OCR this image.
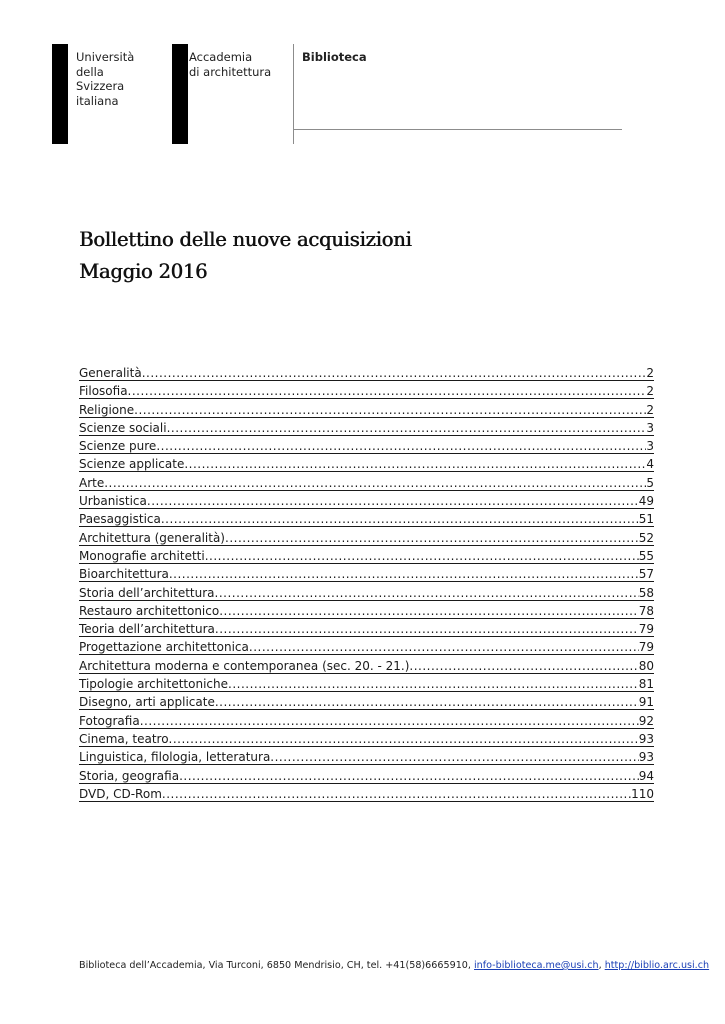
Università
della
Svizzera
italiana
Accademia
di architettura
Biblioteca
Bollettino delle nuove acquisizioni
Maggio 2016
Generalità .....	2
Filosofia .....	2
Religione .....	2
Scienze sociali .....	3
Scienze pure .....	3
Scienze applicate .....	4
Arte .....	5
Urbanistica .....	49
Paesaggistica .....	51
Architettura (generalità) .....	52
Monografie architetti .....	55
Bioarchitettura .....	57
Storia dell’architettura .....	58
Restauro architettonico .....	78
Teoria dell’architettura .....	79
Progettazione architettonica .....	79
Architettura moderna e contemporanea (sec. 20. - 21.) .....	80
Tipologie architettoniche .....	81
Disegno, arti applicate .....	91
Fotografia .....	92
Cinema, teatro .....	93
Linguistica, filologia, letteratura .....	93
Storia, geografia .....	94
DVD, CD-Rom .....	110
Biblioteca dell’Accademia, Via Turconi, 6850 Mendrisio, CH, tel. +41(58)6665910, info-biblioteca.me@usi.ch, http://biblio.arc.usi.ch
